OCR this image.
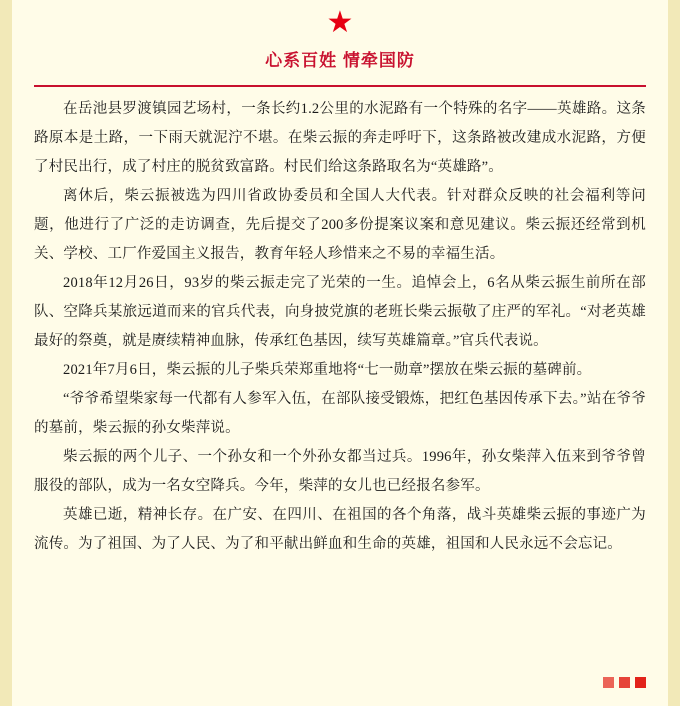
★
心系百姓 情牵国防

在岳池县罗渡镇园艺场村，一条长约1.2公里的水泥路有一个特殊的名字——英雄路。这条路原本是土路，一下雨天就泥泞不堪。在柴云振的奔走呼吁下，这条路被改建成水泥路，方便了村民出行，成了村庄的脱贫致富路。村民们给这条路取名为“英雄路”。

离休后，柴云振被选为四川省政协委员和全国人大代表。针对群众反映的社会福利等问题，他进行了广泛的走访调查，先后提交了200多份提案议案和意见建议。柴云振还经常到机关、学校、工厂作爱国主义报告，教育年轻人珍惜来之不易的幸福生活。

2018年12月26日，93岁的柴云振走完了光荣的一生。追悼会上，6名从柴云振生前所在部队、空降兵某旅远道而来的官兵代表，向身披党旗的老班长柴云振敬了庄严的军礼。“对老英雄最好的祭奠，就是赓续精神血脉，传承红色基因，续写英雄篇章。”官兵代表说。

2021年7月6日，柴云振的儿子柴兵荣郑重地将“七一勋章”摆放在柴云振的墓碑前。

“爷爷希望柴家每一代都有人参军入伍，在部队接受锻炼，把红色基因传承下去。”站在爷爷的墓前，柴云振的孙女柴萍说。

柴云振的两个儿子、一个孙女和一个外孙女都当过兵。1996年，孙女柴萍入伍来到爷爷曾服役的部队，成为一名女空降兵。今年，柴萍的女儿也已经报名参军。

英雄已逝，精神长存。在广安、在四川、在祖国的各个角落，战斗英雄柴云振的事迹广为流传。为了祖国、为了人民、为了和平献出鲜血和生命的英雄，祖国和人民永远不会忘记。
